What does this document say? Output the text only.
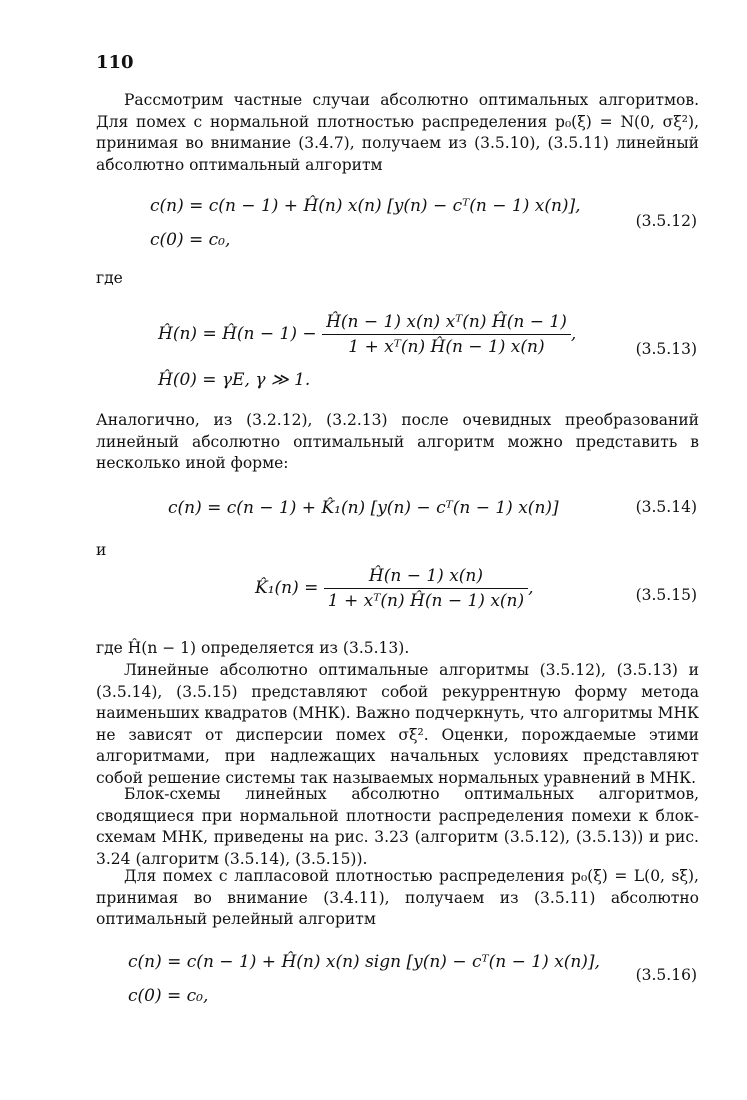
110
Рассмотрим частные случаи абсолютно оптимальных алгоритмов. Для помех с нормальной плотностью распределения p₀(ξ) = N(0, σξ²), принимая во внимание (3.4.7), получаем из (3.5.10), (3.5.11) линейный абсолютно оптимальный алгоритм
c(n) = c(n − 1) + Ĥ(n) x(n) [y(n) − cᵀ(n − 1) x(n)],
c(0) = c₀,
(3.5.12)
где
Ĥ(n) = Ĥ(n − $1) - \frac{\text{Ĥ(n − 1) x(n) xᵀ(n) Ĥ(n − 1)}}{\text{1 + xᵀ(n) Ĥ(n − 1) x(n)}}$ ,
Ĥ(0) = γE, γ ≫ 1.
(3.5.13)
Аналогично, из (3.2.12), (3.2.13) после очевидных преобразований линейный абсолютно оптимальный алгоритм можно представить в несколько иной форме:
c(n) = c(n − 1) + K̂₁(n) [y(n) − cᵀ(n − 1) x(n)]	(3.5.14)
и
K̂₁(n) = $\frac{Ĥ(n - 1) x(n)}{\text{1 + xᵀ(n) Ĥ(n − 1) x(n)}}$ ,	(3.5.15)
где Ĥ(n − 1) определяется из (3.5.13).
Линейные абсолютно оптимальные алгоритмы (3.5.12), (3.5.13) и (3.5.14), (3.5.15) представляют собой рекуррентную форму метода наименьших квадратов (МНК). Важно подчеркнуть, что алгоритмы МНК не зависят от дисперсии помех σξ². Оценки, порождаемые этими алгоритмами, при надлежащих начальных условиях представляют собой решение системы так называемых нормальных уравнений в МНК.
Блок-схемы линейных абсолютно оптимальных алгоритмов, сводящиеся при нормальной плотности распределения помехи к блок-схемам МНК, приведены на рис. 3.23 (алгоритм (3.5.12), (3.5.13)) и рис. 3.24 (алгоритм (3.5.14), (3.5.15)).
Для помех с лапласовой плотностью распределения p₀(ξ) = L(0, sξ), принимая во внимание (3.4.11), получаем из (3.5.11) абсолютно оптимальный релейный алгоритм
c(n) = c(n − 1) + Ĥ(n) x(n) sign [y(n) − cᵀ(n − 1) x(n)],
c(0) = c₀,
(3.5.16)
